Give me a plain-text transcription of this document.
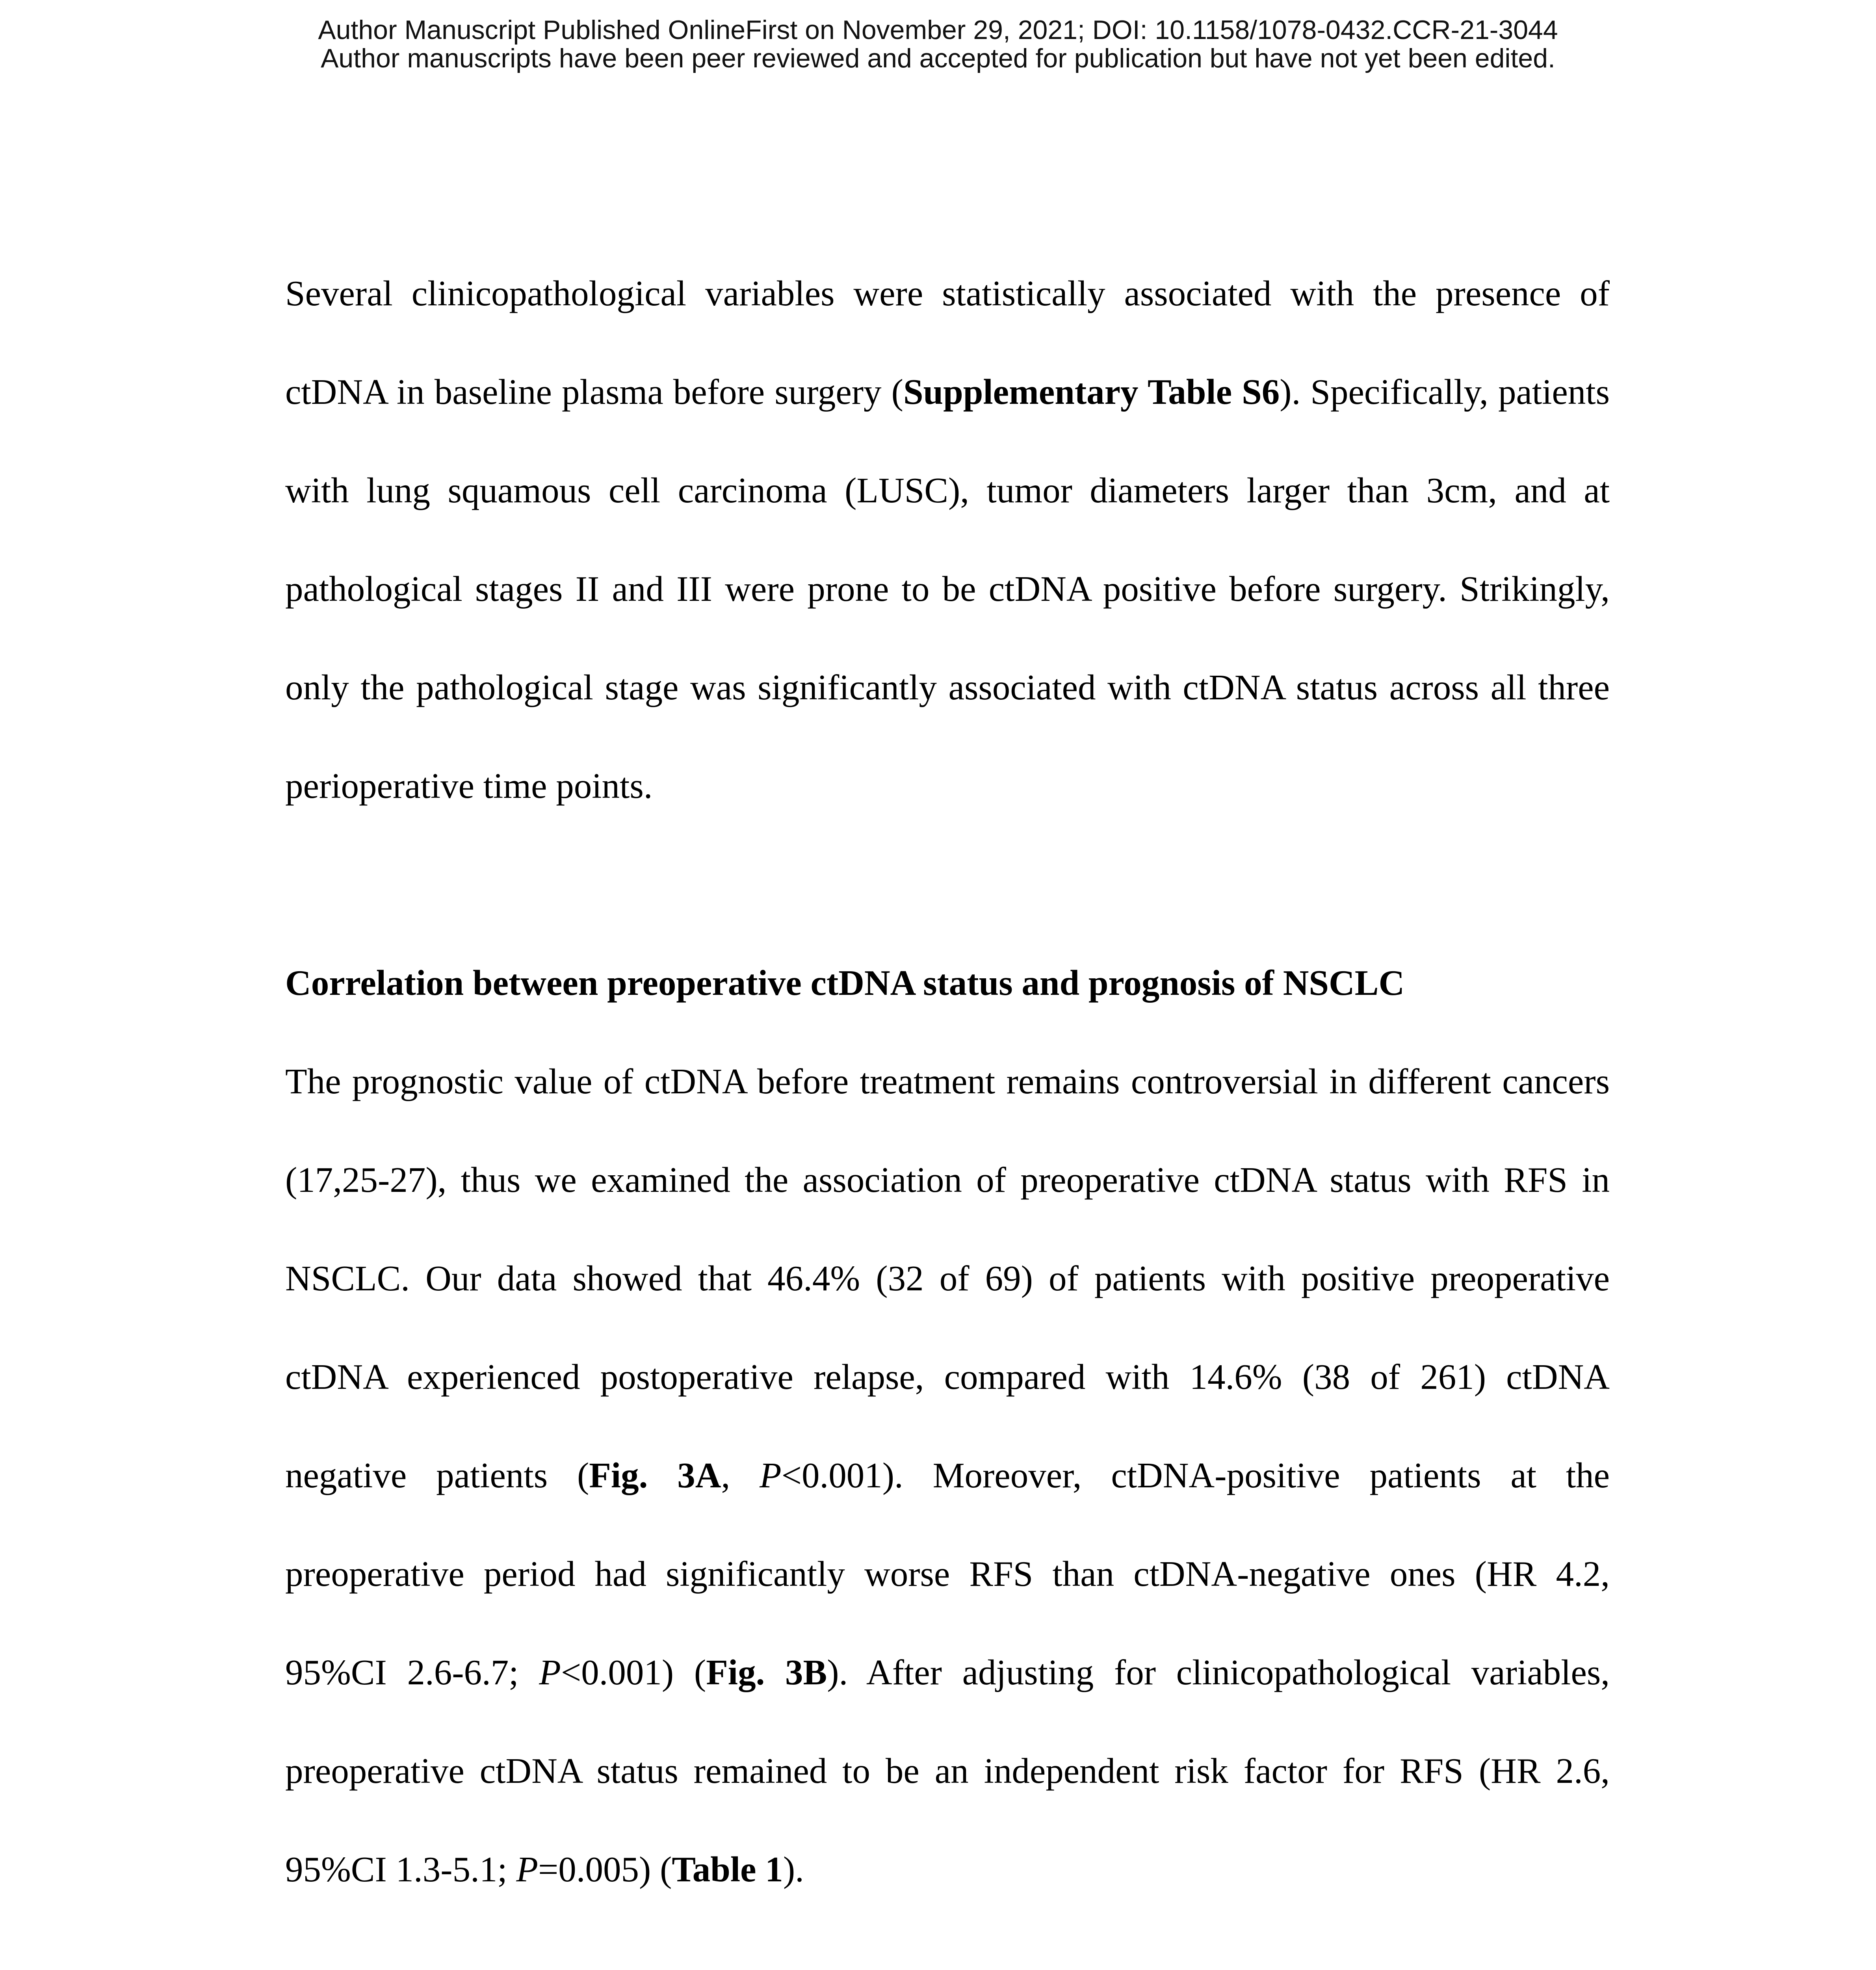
Author Manuscript Published OnlineFirst on November 29, 2021; DOI: 10.1158/1078-0432.CCR-21-3044
Author manuscripts have been peer reviewed and accepted for publication but have not yet been edited.

Several clinicopathological variables were statistically associated with the presence of ctDNA in baseline plasma before surgery (Supplementary Table S6). Specifically, patients with lung squamous cell carcinoma (LUSC), tumor diameters larger than 3cm, and at pathological stages II and III were prone to be ctDNA positive before surgery. Strikingly, only the pathological stage was significantly associated with ctDNA status across all three perioperative time points.

Correlation between preoperative ctDNA status and prognosis of NSCLC

The prognostic value of ctDNA before treatment remains controversial in different cancers (17,25-27), thus we examined the association of preoperative ctDNA status with RFS in NSCLC. Our data showed that 46.4% (32 of 69) of patients with positive preoperative ctDNA experienced postoperative relapse, compared with 14.6% (38 of 261) ctDNA negative patients (Fig. 3A, P<0.001). Moreover, ctDNA-positive patients at the preoperative period had significantly worse RFS than ctDNA-negative ones (HR 4.2, 95%CI 2.6-6.7; P<0.001) (Fig. 3B). After adjusting for clinicopathological variables, preoperative ctDNA status remained to be an independent risk factor for RFS (HR 2.6, 95%CI 1.3-5.1; P=0.005) (Table 1).
